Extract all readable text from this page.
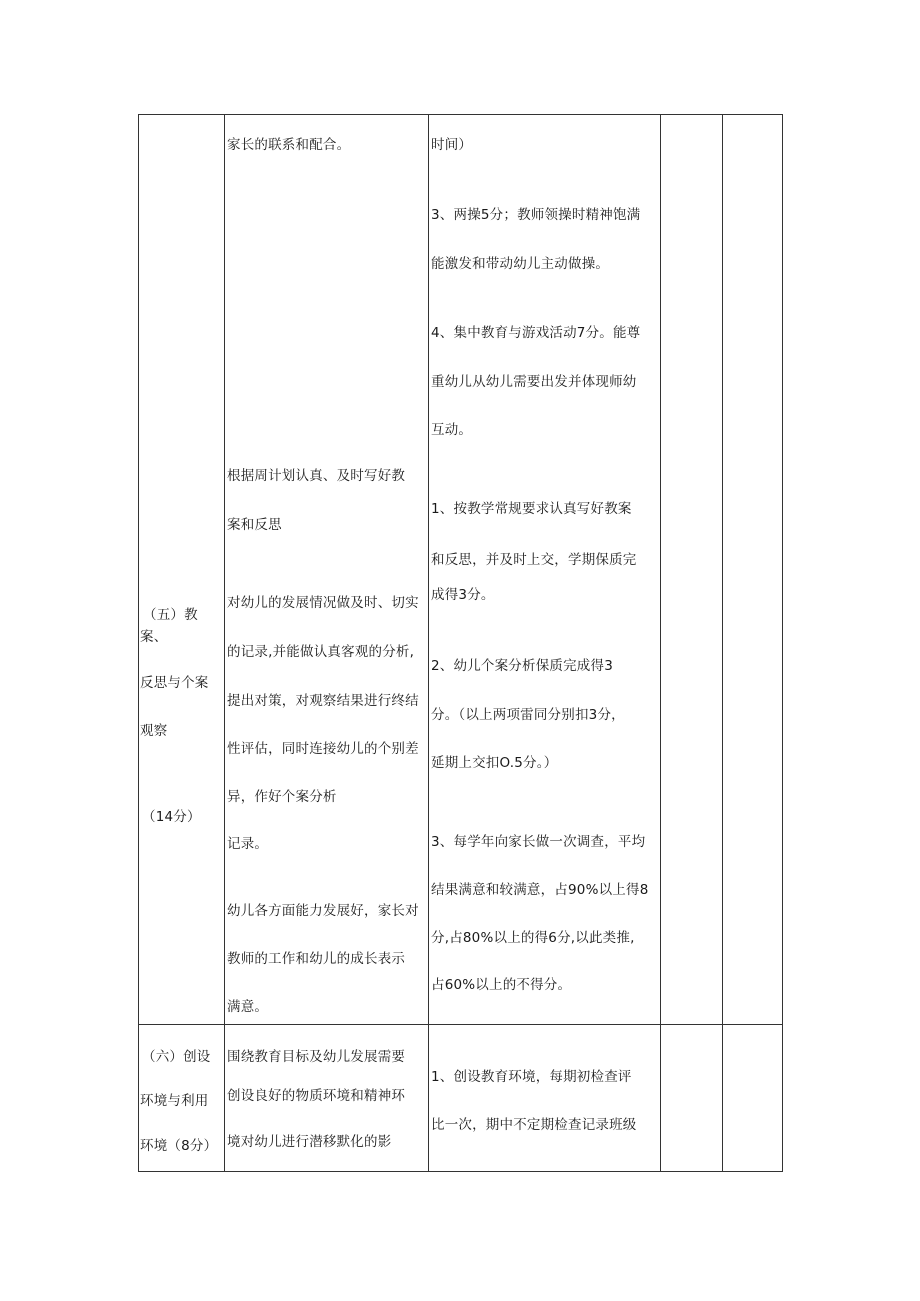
（五）教
案、
反思与个案
观察
（14分）
家长的联系和配合。
根据周计划认真、及时写好教
案和反思
对幼儿的发展情况做及时、切实
的记录,并能做认真客观的分析,
提出对策，对观察结果进行终结
性评估，同时连接幼儿的个别差
异，作好个案分析
记录。
幼儿各方面能力发展好，家长对
教师的工作和幼儿的成长表示
满意。
时间）
3、两操5分；教师领操时精神饱满
能激发和带动幼儿主动做操。
4、集中教育与游戏活动7分。能尊
重幼儿从幼儿需要出发并体现师幼
互动。
1、按教学常规要求认真写好教案
和反思，并及时上交，学期保质完
成得3分。
2、幼儿个案分析保质完成得3
分。（以上两项雷同分别扣3分，
延期上交扣O.5分。）
3、每学年向家长做一次调查，平均
结果满意和较满意，占90%以上得8
分,占80%以上的得6分,以此类推,
占60%以上的不得分。
（六）创设
环境与利用
环境（8分）
围绕教育目标及幼儿发展需要
创设良好的物质环境和精神环
境对幼儿进行潜移默化的影
1、创设教育环境，每期初检查评
比一次，期中不定期检查记录班级
